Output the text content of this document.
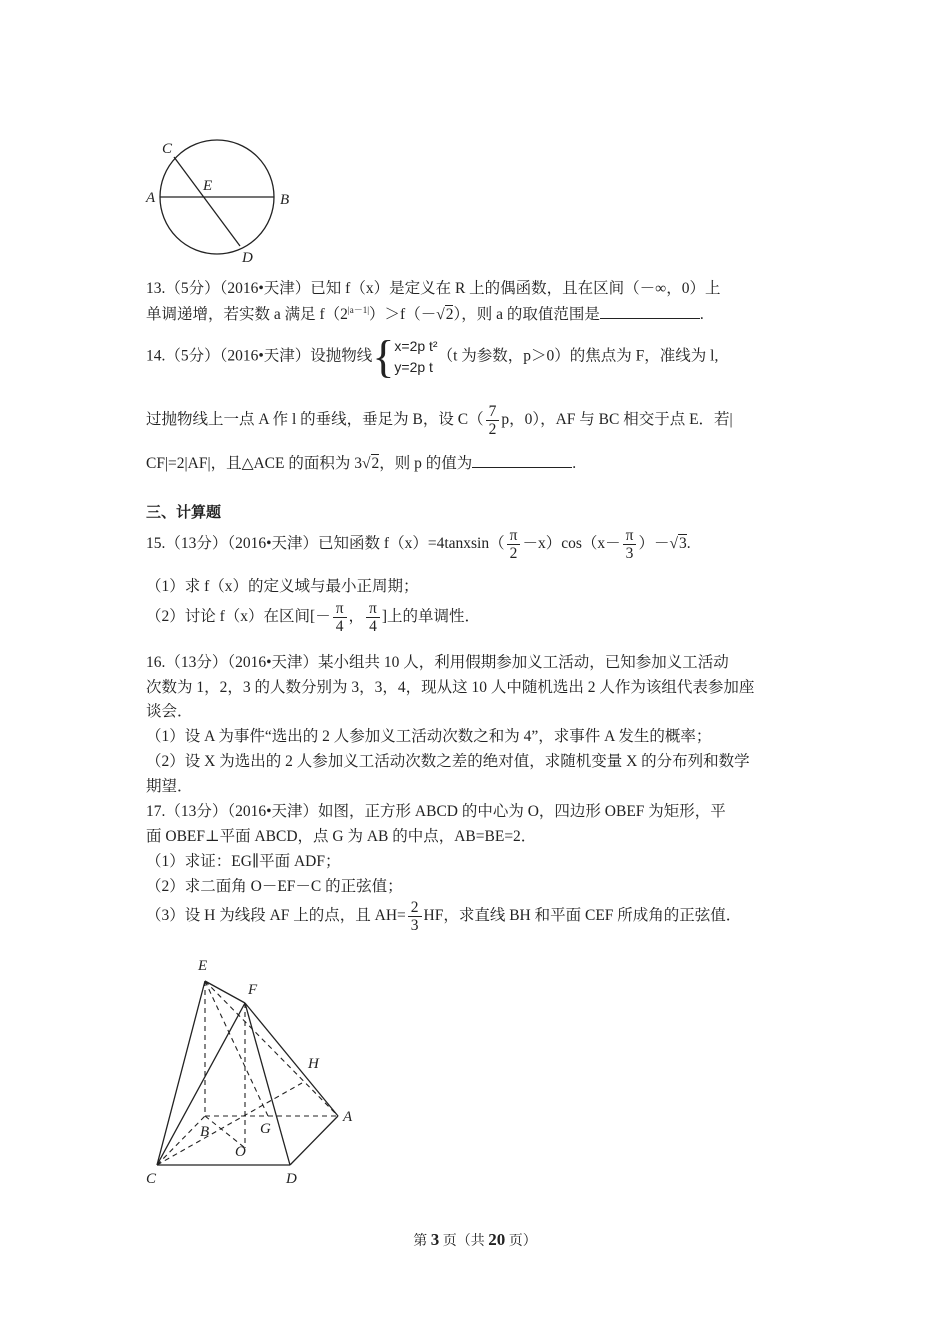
C
E
A	B
D
13.（5分）（2016•天津）已知 f（x）是定义在 R 上的偶函数，且在区间（－∞，0）上
单调递增，若实数 a 满足 $f(2^{|a-1|})>f(-√2)$，则 a 的取值范围是	.
14.（5分）（2016•天津）设抛物线 { x=2p t²
y=2p t
（t 为参数，p＞0）的焦点为 F，准线为 l,
过抛物线上一点 A 作 l 的垂线，垂足为 B，设 $C( \frac{7}{2}$ p，0），AF 与 BC 相交于点 E．若|
CF|=2|AF|，且△ACE 的面积为 3√2，则 p 的值为	.
三、计算题
15.（13分）（2016•天津）已知函数 f（x）=4tanxsin（ $\frac{\pi}{2} -x)\cos(x- \frac{\pi}{3} )-√3$.
（1）求 f（x）的定义域与最小正周期；
（2）讨论 f（x）在区间[－ $\frac{\pi}{4}$ ， $\frac{\pi}{4}$ ]上的单调性．
16.（13分）（2016•天津）某小组共 10 人，利用假期参加义工活动，已知参加义工活动
次数为 1，2，3 的人数分别为 3，3，4，现从这 10 人中随机选出 2 人作为该组代表参加座
谈会．
（1）设 A 为事件“选出的 2 人参加义工活动次数之和为 4”，求事件 A 发生的概率；
（2）设 X 为选出的 2 人参加义工活动次数之差的绝对值，求随机变量 X 的分布列和数学
期望．
17.（13分）（2016•天津）如图，正方形 ABCD 的中心为 O，四边形 OBEF 为矩形，平
面 OBEF⊥平面 ABCD，点 G 为 AB 的中点，AB=BE=2．
（1）求证：EG∥平面 ADF；
（2）求二面角 O－EF－C 的正弦值；
（3）设 H 为线段 AF 上的点，且 $AH= \frac{2}{3}$ HF，求直线 BH 和平面 CEF 所成角的正弦值．
E
F
H
A
B	G
O
C	D
第 3 页（共 20 页）
